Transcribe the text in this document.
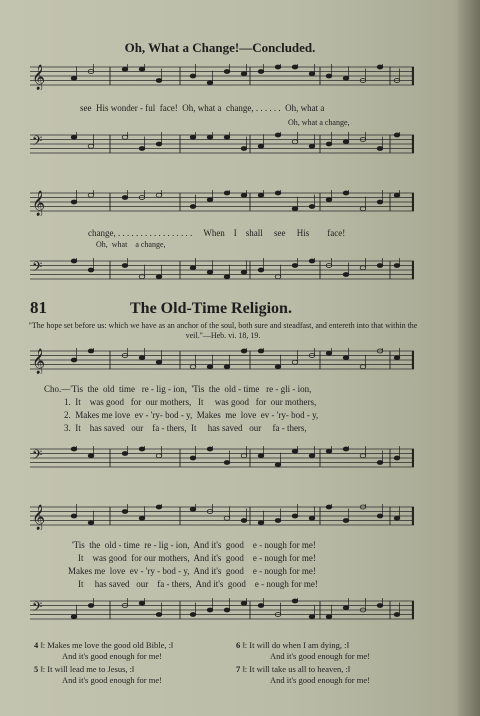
Oh, What a Change!—Concluded.
𝄞
see  His wonder - ful  face!  Oh, what a  change, . . . . . .  Oh, what a
Oh, what a change,
𝄢
𝄞
change, . . . . . . . . . . . . . . . . .     When    I    shall     see     His        face!
Oh,  what    a change,
𝄢
81	The Old-Time Religion.
"The hope set before us: which we have as an anchor of the soul, both sure and steadfast, and entereth into that within the veil."—Heb. vi. 18, 19.
𝄞
Cho.—'Tis  the  old  time   re - lig - ion,  'Tis  the  old - time   re - gli - ion,
1.  It    was good   for  our mothers,   It     was good   for  our mothers,
2.  Makes me love  ev - 'ry- bod - y,  Makes  me  love  ev - 'ry- bod - y,
3.  It    has saved   our    fa - thers,  It     has saved   our     fa - thers,
𝄢
𝄞
'Tis  the  old - time  re - lig - ion,  And it's  good    e - nough for me!
It    was good  for our mothers,  And it's  good    e - nough for me!
Makes me  love  ev - 'ry - bod - y,  And it's  good    e - nough for me!
It     has saved   our    fa - thers,  And it's  good    e - nough for me!
𝄢
4 ‖: Makes me love the good old Bible, :‖
And it's good enough for me!
5 ‖: It will lead me to Jesus, :‖
And it's good enough for me!
6 ‖: It will do when I am dying, :‖
And it's good enough for me!
7 ‖: It will take us all to heaven, :‖
And it's good enough for me!
